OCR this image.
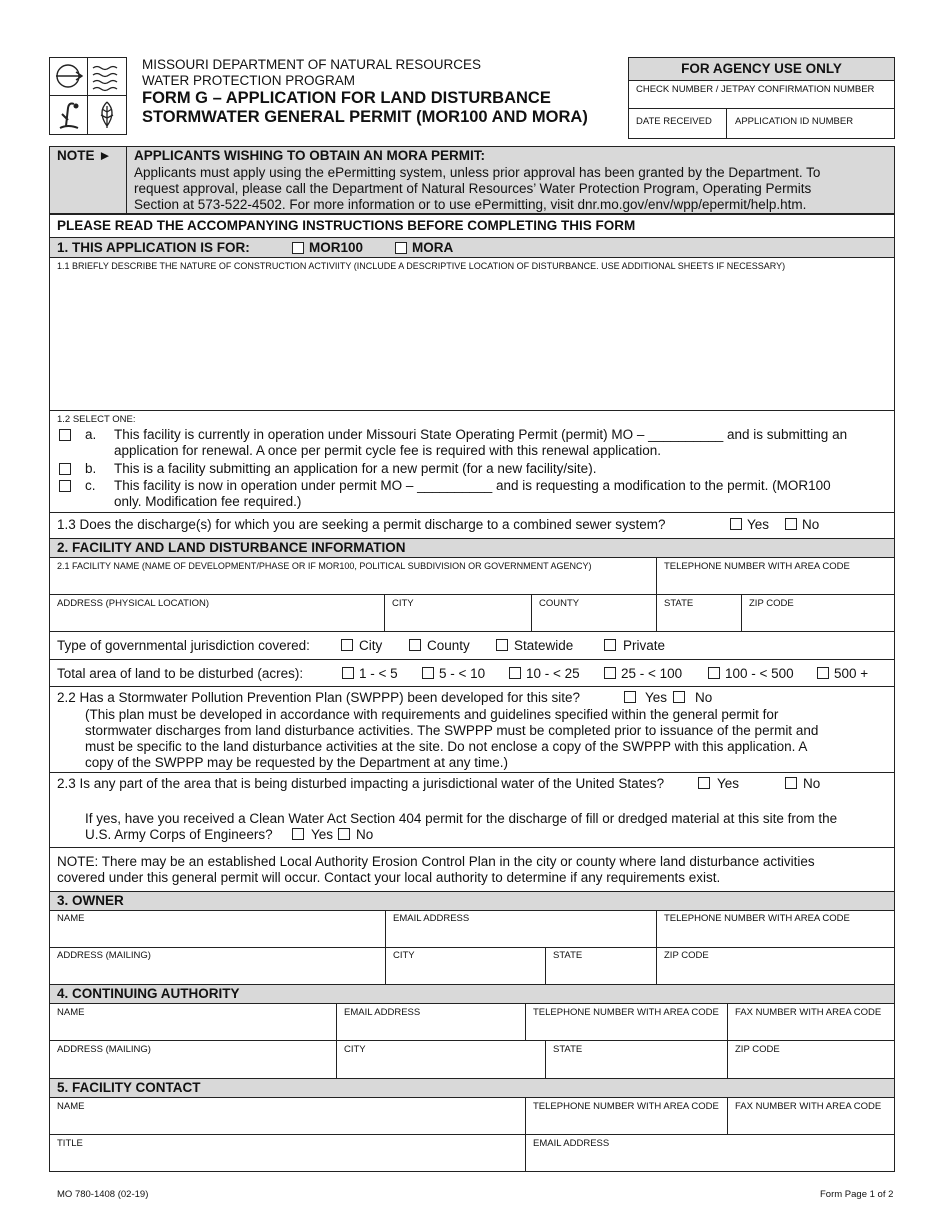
MISSOURI DEPARTMENT OF NATURAL RESOURCES
WATER PROTECTION PROGRAM
FORM G – APPLICATION FOR LAND DISTURBANCE
STORMWATER GENERAL PERMIT (MOR100 AND MORA)
FOR AGENCY USE ONLY
CHECK NUMBER / JETPAY CONFIRMATION NUMBER
DATE RECEIVED APPLICATION ID NUMBER
NOTE ► APPLICANTS WISHING TO OBTAIN AN MORA PERMIT:
Applicants must apply using the ePermitting system, unless prior approval has been granted by the Department. To
request approval, please call the Department of Natural Resources’ Water Protection Program, Operating Permits
Section at 573-522-4502. For more information or to use ePermitting, visit dnr.mo.gov/env/wpp/epermit/help.htm.
PLEASE READ THE ACCOMPANYING INSTRUCTIONS BEFORE COMPLETING THIS FORM
1. THIS APPLICATION IS FOR:	MOR100	MORA
1.1 BRIEFLY DESCRIBE THE NATURE OF CONSTRUCTION ACTIVIITY (INCLUDE A DESCRIPTIVE LOCATION OF DISTURBANCE. USE ADDITIONAL SHEETS IF NECESSARY)
1.2 SELECT ONE:
a. This facility is currently in operation under Missouri State Operating Permit (permit) MO – __________ and is submitting an
application for renewal. A once per permit cycle fee is required with this renewal application.
b. This is a facility submitting an application for a new permit (for a new facility/site).
c. This facility is now in operation under permit MO – __________ and is requesting a modification to the permit. (MOR100
only. Modification fee required.)
1.3 Does the discharge(s) for which you are seeking a permit discharge to a combined sewer system?	Yes No
2. FACILITY AND LAND DISTURBANCE INFORMATION
2.1 FACILITY NAME (NAME OF DEVELOPMENT/PHASE OR IF MOR100, POLITICAL SUBDIVISION OR GOVERNMENT AGENCY)	TELEPHONE NUMBER WITH AREA CODE
ADDRESS (PHYSICAL LOCATION)	CITY	COUNTY	STATE	ZIP CODE
Type of governmental jurisdiction covered:	City	County	Statewide	Private
Total area of land to be disturbed (acres):	1 - < 5	5 - < 10	10 - < 25	25 - < 100	100 - < 500	500 +
2.2 Has a Stormwater Pollution Prevention Plan (SWPPP) been developed for this site?	Yes No
(This plan must be developed in accordance with requirements and guidelines specified within the general permit for
stormwater discharges from land disturbance activities. The SWPPP must be completed prior to issuance of the permit and
must be specific to the land disturbance activities at the site. Do not enclose a copy of the SWPPP with this application. A
copy of the SWPPP may be requested by the Department at any time.)
2.3 Is any part of the area that is being disturbed impacting a jurisdictional water of the United States?	Yes	No
If yes, have you received a Clean Water Act Section 404 permit for the discharge of fill or dredged material at this site from the
U.S. Army Corps of Engineers?	Yes No
NOTE: There may be an established Local Authority Erosion Control Plan in the city or county where land disturbance activities
covered under this general permit will occur. Contact your local authority to determine if any requirements exist.
3. OWNER
NAME	EMAIL ADDRESS	TELEPHONE NUMBER WITH AREA CODE
ADDRESS (MAILING)	CITY	STATE	ZIP CODE
4. CONTINUING AUTHORITY
NAME	EMAIL ADDRESS	TELEPHONE NUMBER WITH AREA CODE FAX NUMBER WITH AREA CODE
ADDRESS (MAILING)	CITY	STATE	ZIP CODE
5. FACILITY CONTACT
NAME	TELEPHONE NUMBER WITH AREA CODE FAX NUMBER WITH AREA CODE
TITLE	EMAIL ADDRESS
MO 780-1408 (02-19)	Form Page 1 of 2
